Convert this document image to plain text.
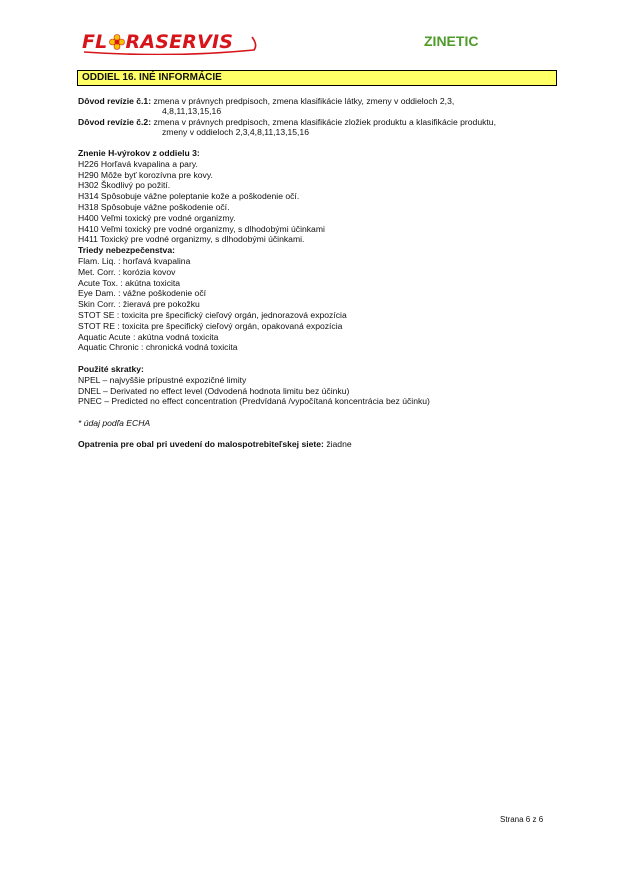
FL RASERVIS	ZINETIC
ODDIEL 16. INÉ INFORMÁCIE
Dôvod revízie č.1: zmena v právnych predpisoch, zmena klasifikácie látky, zmeny v oddieloch 2,3,
4,8,11,13,15,16
Dôvod revízie č.2: zmena v právnych predpisoch, zmena klasifikácie zložiek produktu a klasifikácie produktu,
zmeny v oddieloch 2,3,4,8,11,13,15,16
Znenie H-výrokov z oddielu 3:
H226 Horľavá kvapalina a pary.
H290 Môže byť korozívna pre kovy.
H302 Škodlivý po požití.
H314 Spôsobuje vážne poleptanie kože a poškodenie očí.
H318 Spôsobuje vážne poškodenie očí.
H400 Veľmi toxický pre vodné organizmy.
H410 Veľmi toxický pre vodné organizmy, s dlhodobými účinkami
H411 Toxický pre vodné organizmy, s dlhodobými účinkami.
Triedy nebezpečenstva:
Flam. Liq. : horľavá kvapalina
Met. Corr. : korózia kovov
Acute Tox. : akútna toxicita
Eye Dam. : vážne poškodenie očí
Skin Corr. : žieravá pre pokožku
STOT SE : toxicita pre špecifický cieľový orgán, jednorazová expozícia
STOT RE : toxicita pre špecifický cieľový orgán, opakovaná expozícia
Aquatic Acute : akútna vodná toxicita
Aquatic Chronic : chronická vodná toxicita
Použité skratky:
NPEL – najvyššie prípustné expozičné limity
DNEL – Derivated no effect level (Odvodená hodnota limitu bez účinku)
PNEC – Predicted no effect concentration (Predvídaná /vypočítaná koncentrácia bez účinku)
* údaj podľa ECHA
Opatrenia pre obal pri uvedení do malospotrebiteľskej siete: žiadne
Strana 6 z 6
